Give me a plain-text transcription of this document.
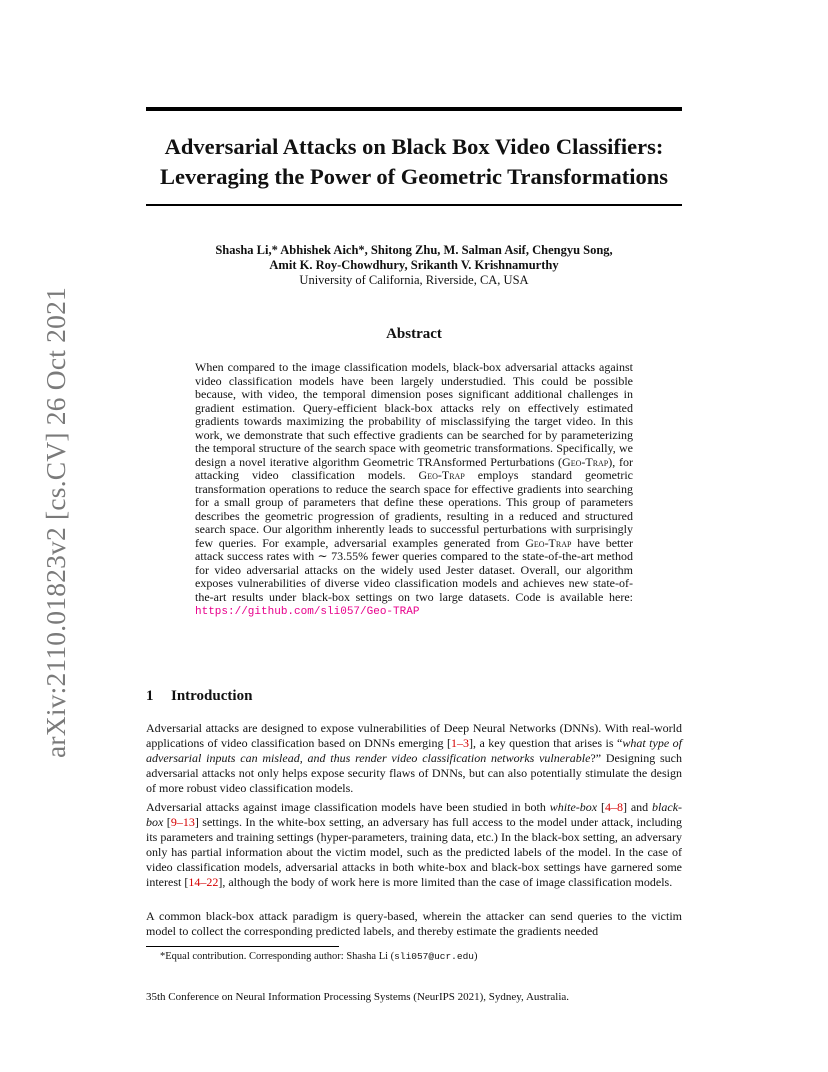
arXiv:2110.01823v2 [cs.CV] 26 Oct 2021
Adversarial Attacks on Black Box Video Classifiers:
Leveraging the Power of Geometric Transformations
Shasha Li,* Abhishek Aich*, Shitong Zhu, M. Salman Asif, Chengyu Song,
Amit K. Roy-Chowdhury, Srikanth V. Krishnamurthy
University of California, Riverside, CA, USA
Abstract
When compared to the image classification models, black-box adversarial attacks against video classification models have been largely understudied. This could be possible because, with video, the temporal dimension poses significant additional challenges in gradient estimation. Query-efficient black-box attacks rely on effectively estimated gradients towards maximizing the probability of misclassifying the target video. In this work, we demonstrate that such effective gradients can be searched for by parameterizing the temporal structure of the search space with geometric transformations. Specifically, we design a novel iterative algorithm Geometric TRAnsformed Perturbations (Geo-Trap), for attacking video classification models. Geo-Trap employs standard geometric transformation operations to reduce the search space for effective gradients into searching for a small group of parameters that define these operations. This group of parameters describes the geometric progression of gradients, resulting in a reduced and structured search space. Our algorithm inherently leads to successful perturbations with surprisingly few queries. For example, adversarial examples generated from Geo-Trap have better attack success rates with ∼ 73.55% fewer queries compared to the state-of-the-art method for video adversarial attacks on the widely used Jester dataset. Overall, our algorithm exposes vulnerabilities of diverse video classification models and achieves new state-of-the-art results under black-box settings on two large datasets. Code is available here: https://github.com/sli057/Geo-TRAP
1 Introduction
Adversarial attacks are designed to expose vulnerabilities of Deep Neural Networks (DNNs). With real-world applications of video classification based on DNNs emerging [1–3], a key question that arises is “what type of adversarial inputs can mislead, and thus render video classification networks vulnerable?” Designing such adversarial attacks not only helps expose security flaws of DNNs, but can also potentially stimulate the design of more robust video classification models.
Adversarial attacks against image classification models have been studied in both white-box [4–8] and black-box [9–13] settings. In the white-box setting, an adversary has full access to the model under attack, including its parameters and training settings (hyper-parameters, training data, etc.) In the black-box setting, an adversary only has partial information about the victim model, such as the predicted labels of the model. In the case of video classification models, adversarial attacks in both white-box and black-box settings have garnered some interest [14–22], although the body of work here is more limited than the case of image classification models.
A common black-box attack paradigm is query-based, wherein the attacker can send queries to the victim model to collect the corresponding predicted labels, and thereby estimate the gradients needed
*Equal contribution. Corresponding author: Shasha Li (sli057@ucr.edu)
35th Conference on Neural Information Processing Systems (NeurIPS 2021), Sydney, Australia.
